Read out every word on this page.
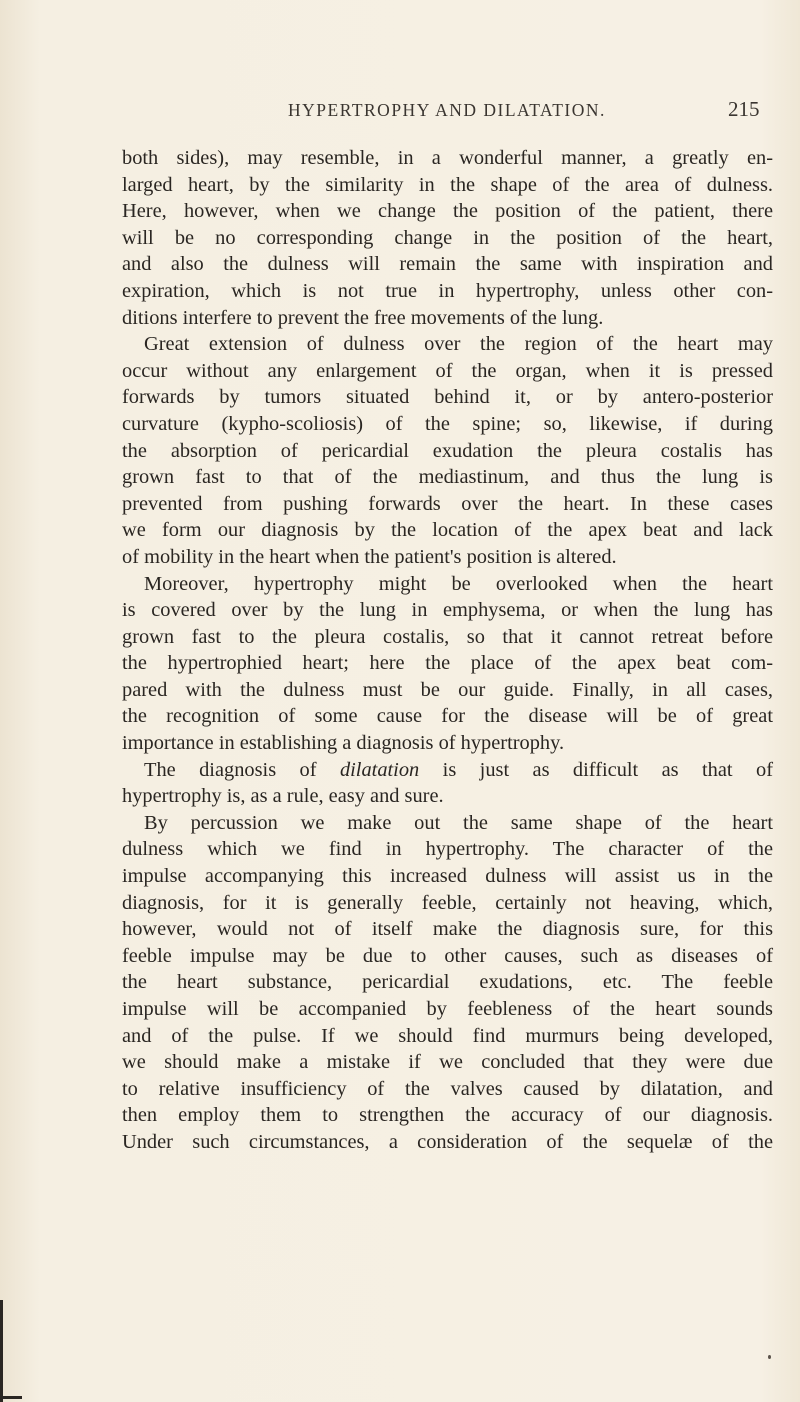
HYPERTROPHY AND DILATATION.	215
both sides), may resemble, in a wonderful manner, a greatly en-
larged heart, by the similarity in the shape of the area of dulness.
Here, however, when we change the position of the patient, there
will be no corresponding change in the position of the heart,
and also the dulness will remain the same with inspiration and
expiration, which is not true in hypertrophy, unless other con-
ditions interfere to prevent the free movements of the lung.
Great extension of dulness over the region of the heart may
occur without any enlargement of the organ, when it is pressed
forwards by tumors situated behind it, or by antero-posterior
curvature (kypho-scoliosis) of the spine; so, likewise, if during
the absorption of pericardial exudation the pleura costalis has
grown fast to that of the mediastinum, and thus the lung is
prevented from pushing forwards over the heart. In these cases
we form our diagnosis by the location of the apex beat and lack
of mobility in the heart when the patient's position is altered.
Moreover, hypertrophy might be overlooked when the heart
is covered over by the lung in emphysema, or when the lung has
grown fast to the pleura costalis, so that it cannot retreat before
the hypertrophied heart; here the place of the apex beat com-
pared with the dulness must be our guide. Finally, in all cases,
the recognition of some cause for the disease will be of great
importance in establishing a diagnosis of hypertrophy.
The diagnosis of dilatation is just as difficult as that of
hypertrophy is, as a rule, easy and sure.
By percussion we make out the same shape of the heart
dulness which we find in hypertrophy. The character of the
impulse accompanying this increased dulness will assist us in the
diagnosis, for it is generally feeble, certainly not heaving, which,
however, would not of itself make the diagnosis sure, for this
feeble impulse may be due to other causes, such as diseases of
the heart substance, pericardial exudations, etc. The feeble
impulse will be accompanied by feebleness of the heart sounds
and of the pulse. If we should find murmurs being developed,
we should make a mistake if we concluded that they were due
to relative insufficiency of the valves caused by dilatation, and
then employ them to strengthen the accuracy of our diagnosis.
Under such circumstances, a consideration of the sequelæ of the
